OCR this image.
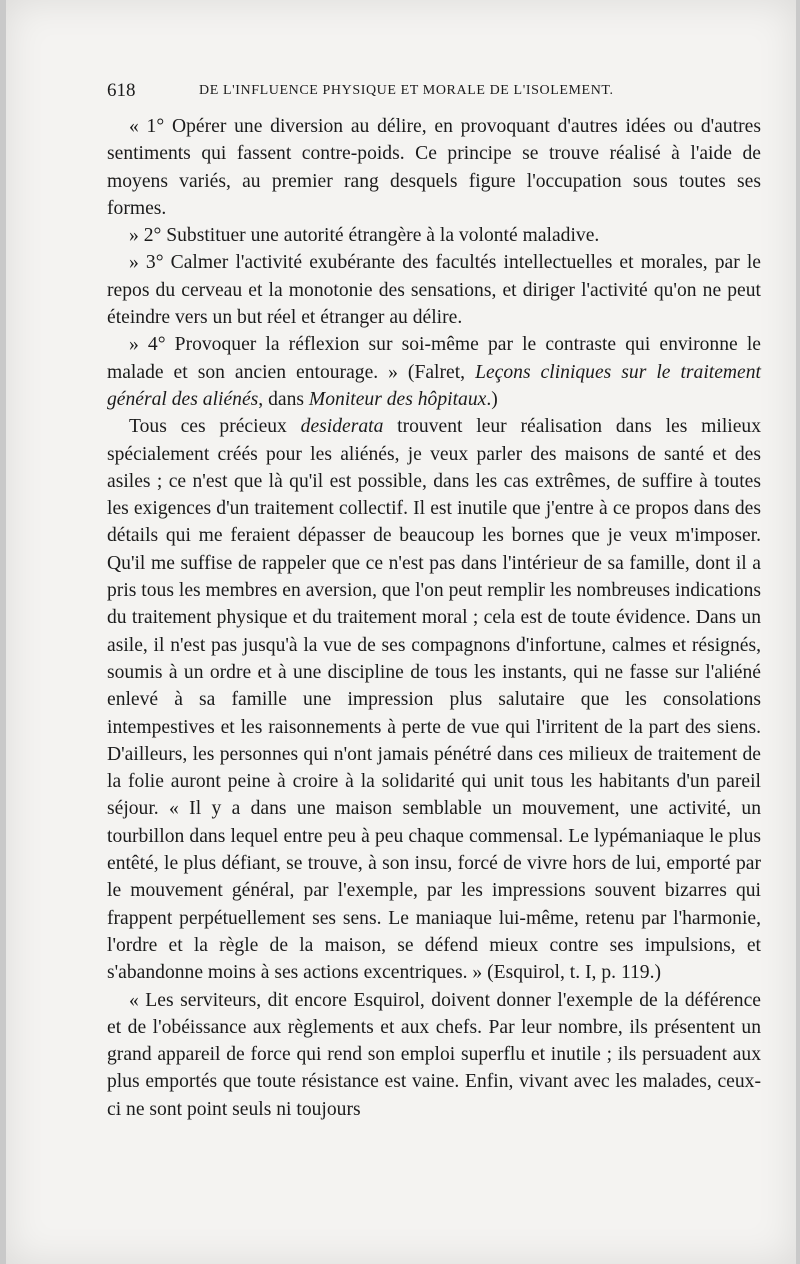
618	DE L'INFLUENCE PHYSIQUE ET MORALE DE L'ISOLEMENT.

« 1° Opérer une diversion au délire, en provoquant d'autres idées ou d'autres sentiments qui fassent contre-poids. Ce principe se trouve réalisé à l'aide de moyens variés, au premier rang desquels figure l'occupation sous toutes ses formes.

» 2° Substituer une autorité étrangère à la volonté maladive.

» 3° Calmer l'activité exubérante des facultés intellectuelles et morales, par le repos du cerveau et la monotonie des sensations, et diriger l'activité qu'on ne peut éteindre vers un but réel et étranger au délire.

» 4° Provoquer la réflexion sur soi-même par le contraste qui environne le malade et son ancien entourage. » (Falret, Leçons cliniques sur le traitement général des aliénés, dans Moniteur des hôpitaux.)

Tous ces précieux desiderata trouvent leur réalisation dans les milieux spécialement créés pour les aliénés, je veux parler des maisons de santé et des asiles ; ce n'est que là qu'il est possible, dans les cas extrêmes, de suffire à toutes les exigences d'un traitement collectif. Il est inutile que j'entre à ce propos dans des détails qui me feraient dépasser de beaucoup les bornes que je veux m'imposer. Qu'il me suffise de rappeler que ce n'est pas dans l'intérieur de sa famille, dont il a pris tous les membres en aversion, que l'on peut remplir les nombreuses indications du traitement physique et du traitement moral ; cela est de toute évidence. Dans un asile, il n'est pas jusqu'à la vue de ses compagnons d'infortune, calmes et résignés, soumis à un ordre et à une discipline de tous les instants, qui ne fasse sur l'aliéné enlevé à sa famille une impression plus salutaire que les consolations intempestives et les raisonnements à perte de vue qui l'irritent de la part des siens. D'ailleurs, les personnes qui n'ont jamais pénétré dans ces milieux de traitement de la folie auront peine à croire à la solidarité qui unit tous les habitants d'un pareil séjour. « Il y a dans une maison semblable un mouvement, une activité, un tourbillon dans lequel entre peu à peu chaque commensal. Le lypémaniaque le plus entêté, le plus défiant, se trouve, à son insu, forcé de vivre hors de lui, emporté par le mouvement général, par l'exemple, par les impressions souvent bizarres qui frappent perpétuellement ses sens. Le maniaque lui-même, retenu par l'harmonie, l'ordre et la règle de la maison, se défend mieux contre ses impulsions, et s'abandonne moins à ses actions excentriques. » (Esquirol, t. I, p. 119.)

« Les serviteurs, dit encore Esquirol, doivent donner l'exemple de la déférence et de l'obéissance aux règlements et aux chefs. Par leur nombre, ils présentent un grand appareil de force qui rend son emploi superflu et inutile ; ils persuadent aux plus emportés que toute résistance est vaine. Enfin, vivant avec les malades, ceux-ci ne sont point seuls ni toujours
